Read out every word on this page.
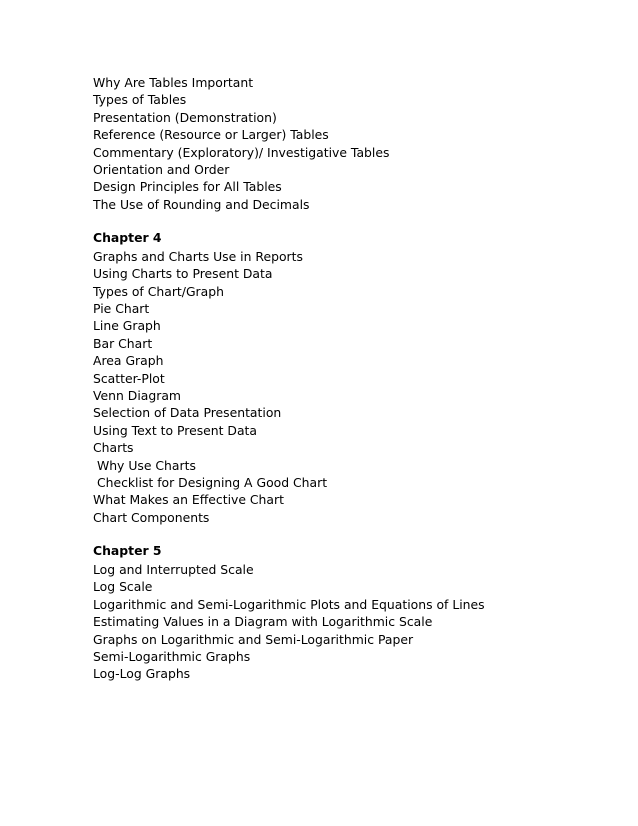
Why Are Tables Important
Types of Tables
Presentation (Demonstration)
Reference (Resource or Larger) Tables
Commentary (Exploratory)/ Investigative Tables
Orientation and Order
Design Principles for All Tables
The Use of Rounding and Decimals
Chapter 4
Graphs and Charts Use in Reports
Using Charts to Present Data
Types of Chart/Graph
Pie Chart
Line Graph
Bar Chart
Area Graph
Scatter-Plot
Venn Diagram
Selection of Data Presentation
Using Text to Present Data
Charts
Why Use Charts
Checklist for Designing A Good Chart
What Makes an Effective Chart
Chart Components
Chapter 5
Log and Interrupted Scale
Log Scale
Logarithmic and Semi-Logarithmic Plots and Equations of Lines
Estimating Values in a Diagram with Logarithmic Scale
Graphs on Logarithmic and Semi-Logarithmic Paper
Semi-Logarithmic Graphs
Log-Log Graphs
